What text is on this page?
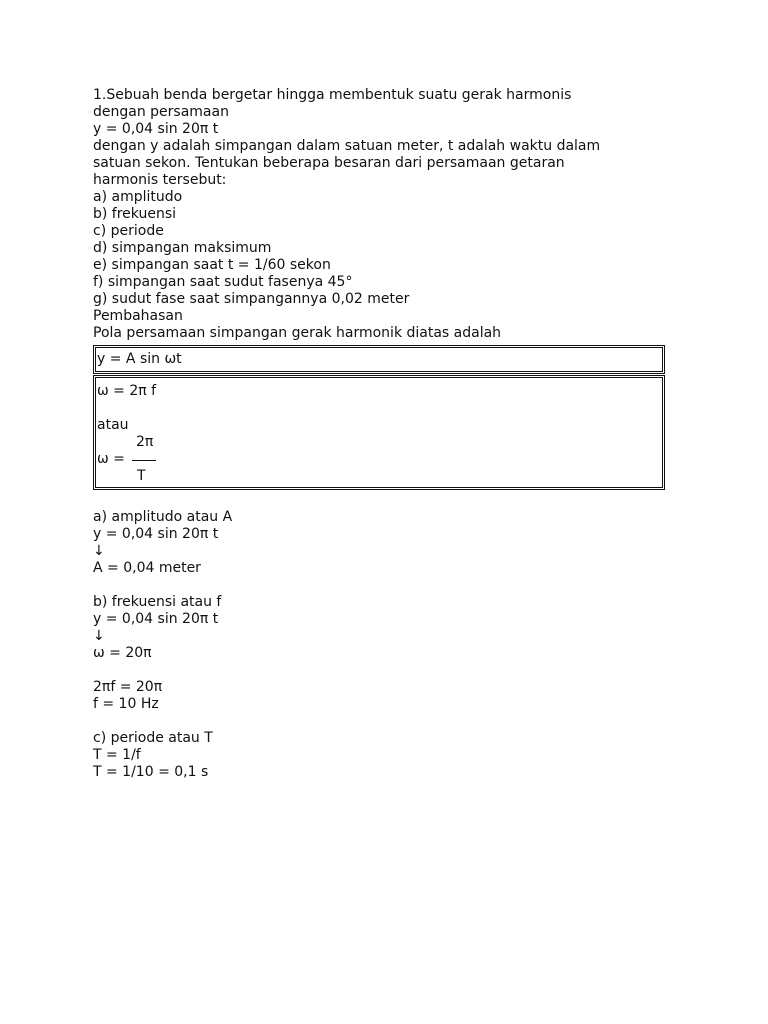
1.Sebuah benda bergetar hingga membentuk suatu gerak harmonis
dengan persamaan
y = 0,04 sin 20π t
dengan y adalah simpangan dalam satuan meter, t adalah waktu dalam
satuan sekon. Tentukan beberapa besaran dari persamaan getaran
harmonis tersebut:
a) amplitudo
b) frekuensi
c) periode
d) simpangan maksimum
e) simpangan saat t = 1/60 sekon
f) simpangan saat sudut fasenya 45°
g) sudut fase saat simpangannya 0,02 meter
Pembahasan
Pola persamaan simpangan gerak harmonik diatas adalah
y = A sin ωt
ω = 2π f
atau
2π
ω =
T
a) amplitudo atau A
y = 0,04 sin 20π t
↓
A = 0,04 meter
b) frekuensi atau f
y = 0,04 sin 20π t
↓
ω = 20π
2πf = 20π
f = 10 Hz
c) periode atau T
T = 1/f
T = 1/10 = 0,1 s
